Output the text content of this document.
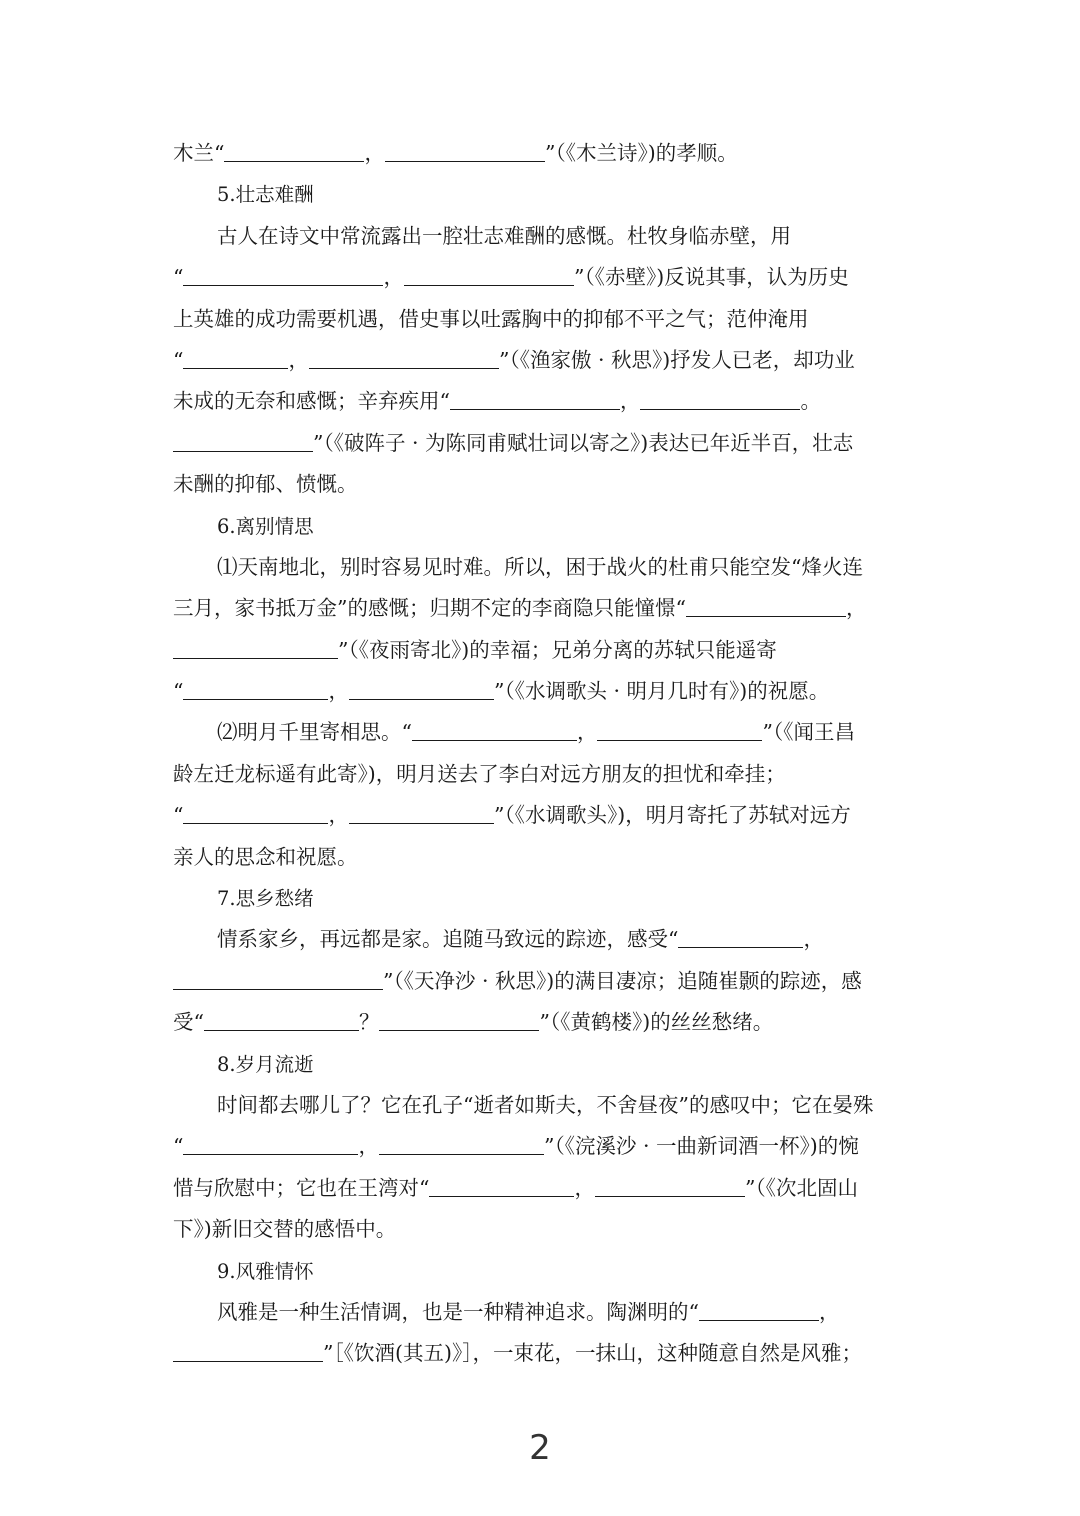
木兰“	，	”（《木兰诗》)的孝顺。
5.壮志难酬
古人在诗文中常流露出一腔壮志难酬的感慨。杜牧身临赤壁，用
“	，	”（《赤壁》)反说其事，认为历史
上英雄的成功需要机遇，借史事以吐露胸中的抑郁不平之气；范仲淹用
“	，	”（《渔家傲 · 秋思》)抒发人已老，却功业
未成的无奈和感慨；辛弃疾用“	，	。
”（《破阵子 · 为陈同甫赋壮词以寄之》)表达已年近半百，壮志
未酬的抑郁、愤慨。
6.离别情思
⑴天南地北，别时容易见时难。所以，困于战火的杜甫只能空发“烽火连
三月，家书抵万金”的感慨；归期不定的李商隐只能憧憬“	，
”（《夜雨寄北》)的幸福；兄弟分离的苏轼只能遥寄
“	，	”（《水调歌头 · 明月几时有》)的祝愿。
⑵明月千里寄相思。“	，	”（《闻王昌
龄左迁龙标遥有此寄》)，明月送去了李白对远方朋友的担忧和牵挂；
“	，	”（《水调歌头》)，明月寄托了苏轼对远方
亲人的思念和祝愿。
7.思乡愁绪
情系家乡，再远都是家。追随马致远的踪迹，感受“	，
”（《天净沙 · 秋思》)的满目凄凉；追随崔颢的踪迹，感
受“	？	”（《黄鹤楼》)的丝丝愁绪。
8.岁月流逝
时间都去哪儿了？它在孔子“逝者如斯夫，不舍昼夜”的感叹中；它在晏殊
“	，	”（《浣溪沙 · 一曲新词酒一杯》)的惋
惜与欣慰中；它也在王湾对“	，	”（《次北固山
下》)新旧交替的感悟中。
9.风雅情怀
风雅是一种生活情调，也是一种精神追求。陶渊明的“	，
”［《饮酒(其五)》］，一束花，一抹山，这种随意自然是风雅；
2
